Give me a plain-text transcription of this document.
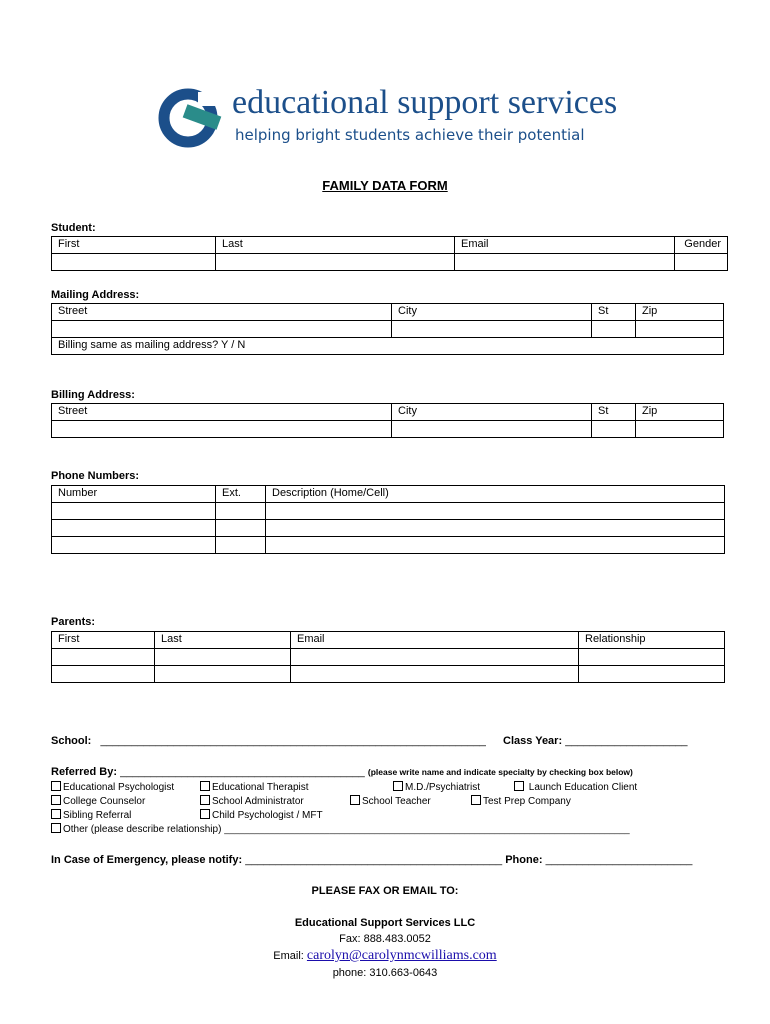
educational support services
helping bright students achieve their potential
FAMILY DATA FORM
Student:
First	Last	Email	Gender

Mailing Address:
Street	City	St	Zip

Billing same as mailing address? Y / N			
Billing Address:
Street	City	St	Zip

Phone Numbers:
Number	Ext.	Description (Home/Cell)

Parents:
First	Last	Email	Relationship

School: _______________________________________________________________ Class Year: ____________________
Referred By: ________________________________________ (please write name and indicate specialty by checking box below)
Educational Psychologist	Educational Therapist	M.D./Psychiatrist	Launch Education Client
College Counselor	School Administrator	School Teacher	Test Prep Company
Sibling Referral	Child Psychologist / MFT
Other (please describe relationship) _________________________________________________________________________________
In Case of Emergency, please notify: __________________________________________ Phone: ________________________
PLEASE FAX OR EMAIL TO:
Educational Support Services LLC
Fax: 888.483.0052
Email: carolyn@carolynmcwilliams.com
phone: 310.663-0643
